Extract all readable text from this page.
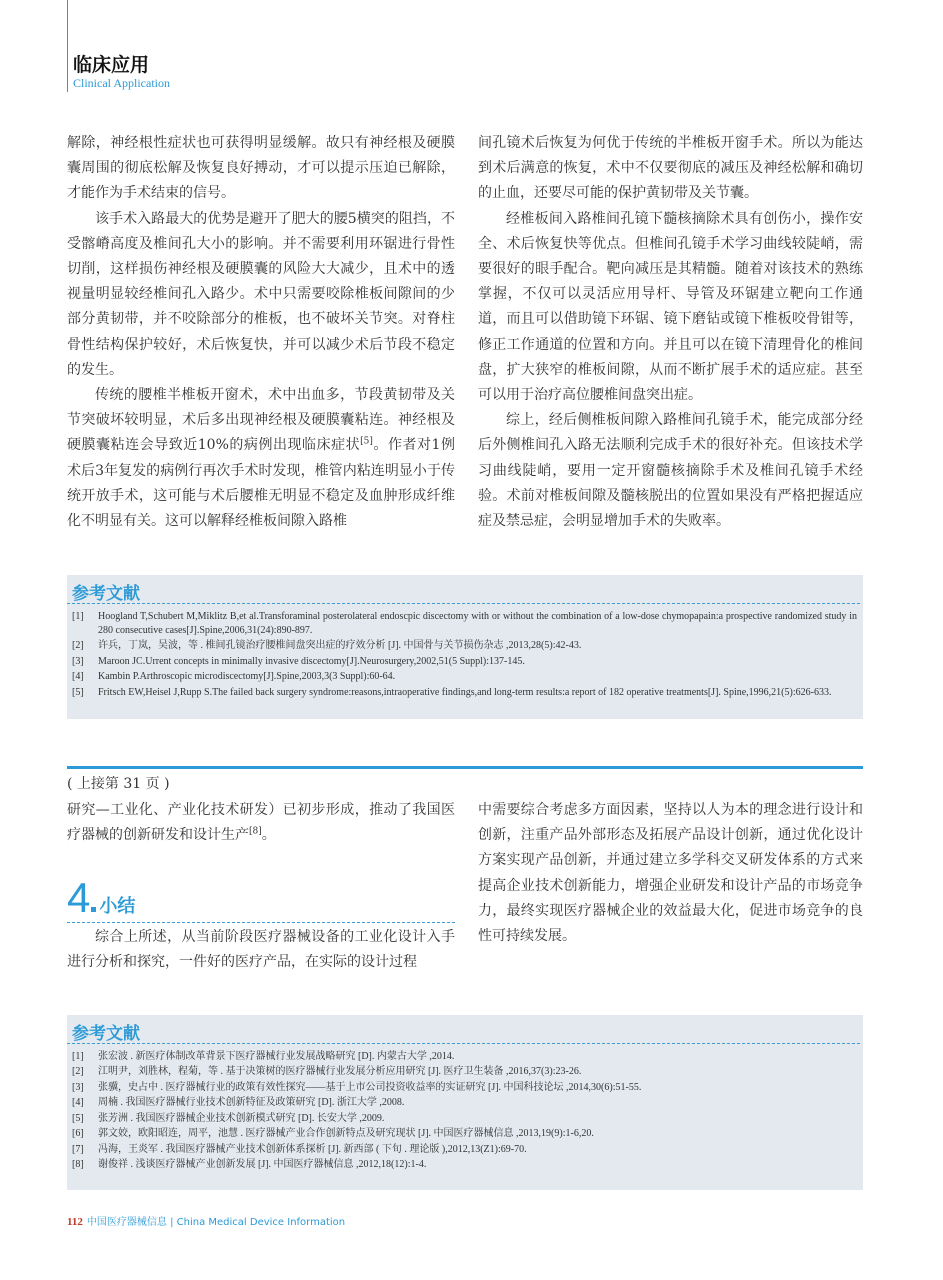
临床应用
Clinical Application

解除，神经根性症状也可获得明显缓解。故只有神经根及硬膜囊周围的彻底松解及恢复良好搏动，才可以提示压迫已解除，才能作为手术结束的信号。

该手术入路最大的优势是避开了肥大的腰5横突的阻挡，不受髂嵴高度及椎间孔大小的影响。并不需要利用环锯进行骨性切削，这样损伤神经根及硬膜囊的风险大大减少，且术中的透视量明显较经椎间孔入路少。术中只需要咬除椎板间隙间的少部分黄韧带，并不咬除部分的椎板，也不破坏关节突。对脊柱骨性结构保护较好，术后恢复快，并可以减少术后节段不稳定的发生。

传统的腰椎半椎板开窗术，术中出血多，节段黄韧带及关节突破坏较明显，术后多出现神经根及硬膜囊粘连。神经根及硬膜囊粘连会导致近10%的病例出现临床症状[5]。作者对1例术后3年复发的病例行再次手术时发现，椎管内粘连明显小于传统开放手术，这可能与术后腰椎无明显不稳定及血肿形成纤维化不明显有关。这可以解释经椎板间隙入路椎

间孔镜术后恢复为何优于传统的半椎板开窗手术。所以为能达到术后满意的恢复，术中不仅要彻底的减压及神经松解和确切的止血，还要尽可能的保护黄韧带及关节囊。

经椎板间入路椎间孔镜下髓核摘除术具有创伤小，操作安全、术后恢复快等优点。但椎间孔镜手术学习曲线较陡峭，需要很好的眼手配合。靶向减压是其精髓。随着对该技术的熟练掌握，不仅可以灵活应用导杆、导管及环锯建立靶向工作通道，而且可以借助镜下环锯、镜下磨钻或镜下椎板咬骨钳等，修正工作通道的位置和方向。并且可以在镜下清理骨化的椎间盘，扩大狭窄的椎板间隙，从而不断扩展手术的适应症。甚至可以用于治疗高位腰椎间盘突出症。

综上，经后侧椎板间隙入路椎间孔镜手术，能完成部分经后外侧椎间孔入路无法顺利完成手术的很好补充。但该技术学习曲线陡峭，要用一定开窗髓核摘除手术及椎间孔镜手术经验。术前对椎板间隙及髓核脱出的位置如果没有严格把握适应症及禁忌症，会明显增加手术的失败率。

参考文献
[1]	Hoogland T,Schubert M,Miklitz B,et al.Transforaminal posterolateral endoscpic discectomy with or without the combination of a low-dose chymopapain:a prospective randomized study in 280 consecutive cases[J].Spine,2006,31(24):890-897.
[2]	许兵，丁岚，吴波，等 . 椎间孔镜治疗腰椎间盘突出症的疗效分析 [J]. 中国骨与关节损伤杂志 ,2013,28(5):42-43.
[3]	Maroon JC.Urrent concepts in minimally invasive discectomy[J].Neurosurgery,2002,51(5 Suppl):137-145.
[4]	Kambin P.Arthroscopic microdiscectomy[J].Spine,2003,3(3 Suppl):60-64.
[5]	Fritsch EW,Heisel J,Rupp S.The failed back surgery syndrome:reasons,intraoperative findings,and long-term results:a report of 182 operative treatments[J]. Spine,1996,21(5):626-633.
( 上接第 31 页 )

研究—工业化、产业化技术研发）已初步形成，推动了我国医疗器械的创新研发和设计生产[8]。

4 小结

综合上所述，从当前阶段医疗器械设备的工业化设计入手进行分析和探究，一件好的医疗产品，在实际的设计过程

中需要综合考虑多方面因素，坚持以人为本的理念进行设计和创新，注重产品外部形态及拓展产品设计创新，通过优化设计方案实现产品创新，并通过建立多学科交叉研发体系的方式来提高企业技术创新能力，增强企业研发和设计产品的市场竞争力，最终实现医疗器械企业的效益最大化，促进市场竞争的良性可持续发展。

参考文献
[1]	张宏波 . 新医疗体制改革背景下医疗器械行业发展战略研究 [D]. 内蒙古大学 ,2014.
[2]	江明尹，刘胜林，程菊，等 . 基于决策树的医疗器械行业发展分析应用研究 [J]. 医疗卫生装备 ,2016,37(3):23-26.
[3]	张骥，史占中 . 医疗器械行业的政策有效性探究——基于上市公司投资收益率的实证研究 [J]. 中国科技论坛 ,2014,30(6):51-55.
[4]	周楠 . 我国医疗器械行业技术创新特征及政策研究 [D]. 浙江大学 ,2008.
[5]	张芳洲 . 我国医疗器械企业技术创新模式研究 [D]. 长安大学 ,2009.
[6]	郭文姣，欧阳昭连，周平，池慧 . 医疗器械产业合作创新特点及研究现状 [J]. 中国医疗器械信息 ,2013,19(9):1-6,20.
[7]	冯海，王炎军 . 我国医疗器械产业技术创新体系探析 [J]. 新西部 ( 下旬 . 理论版 ),2012,13(Z1):69-70.
[8]	谢俊祥 . 浅谈医疗器械产业创新发展 [J]. 中国医疗器械信息 ,2012,18(12):1-4.
112 中国医疗器械信息 | China Medical Device Information
